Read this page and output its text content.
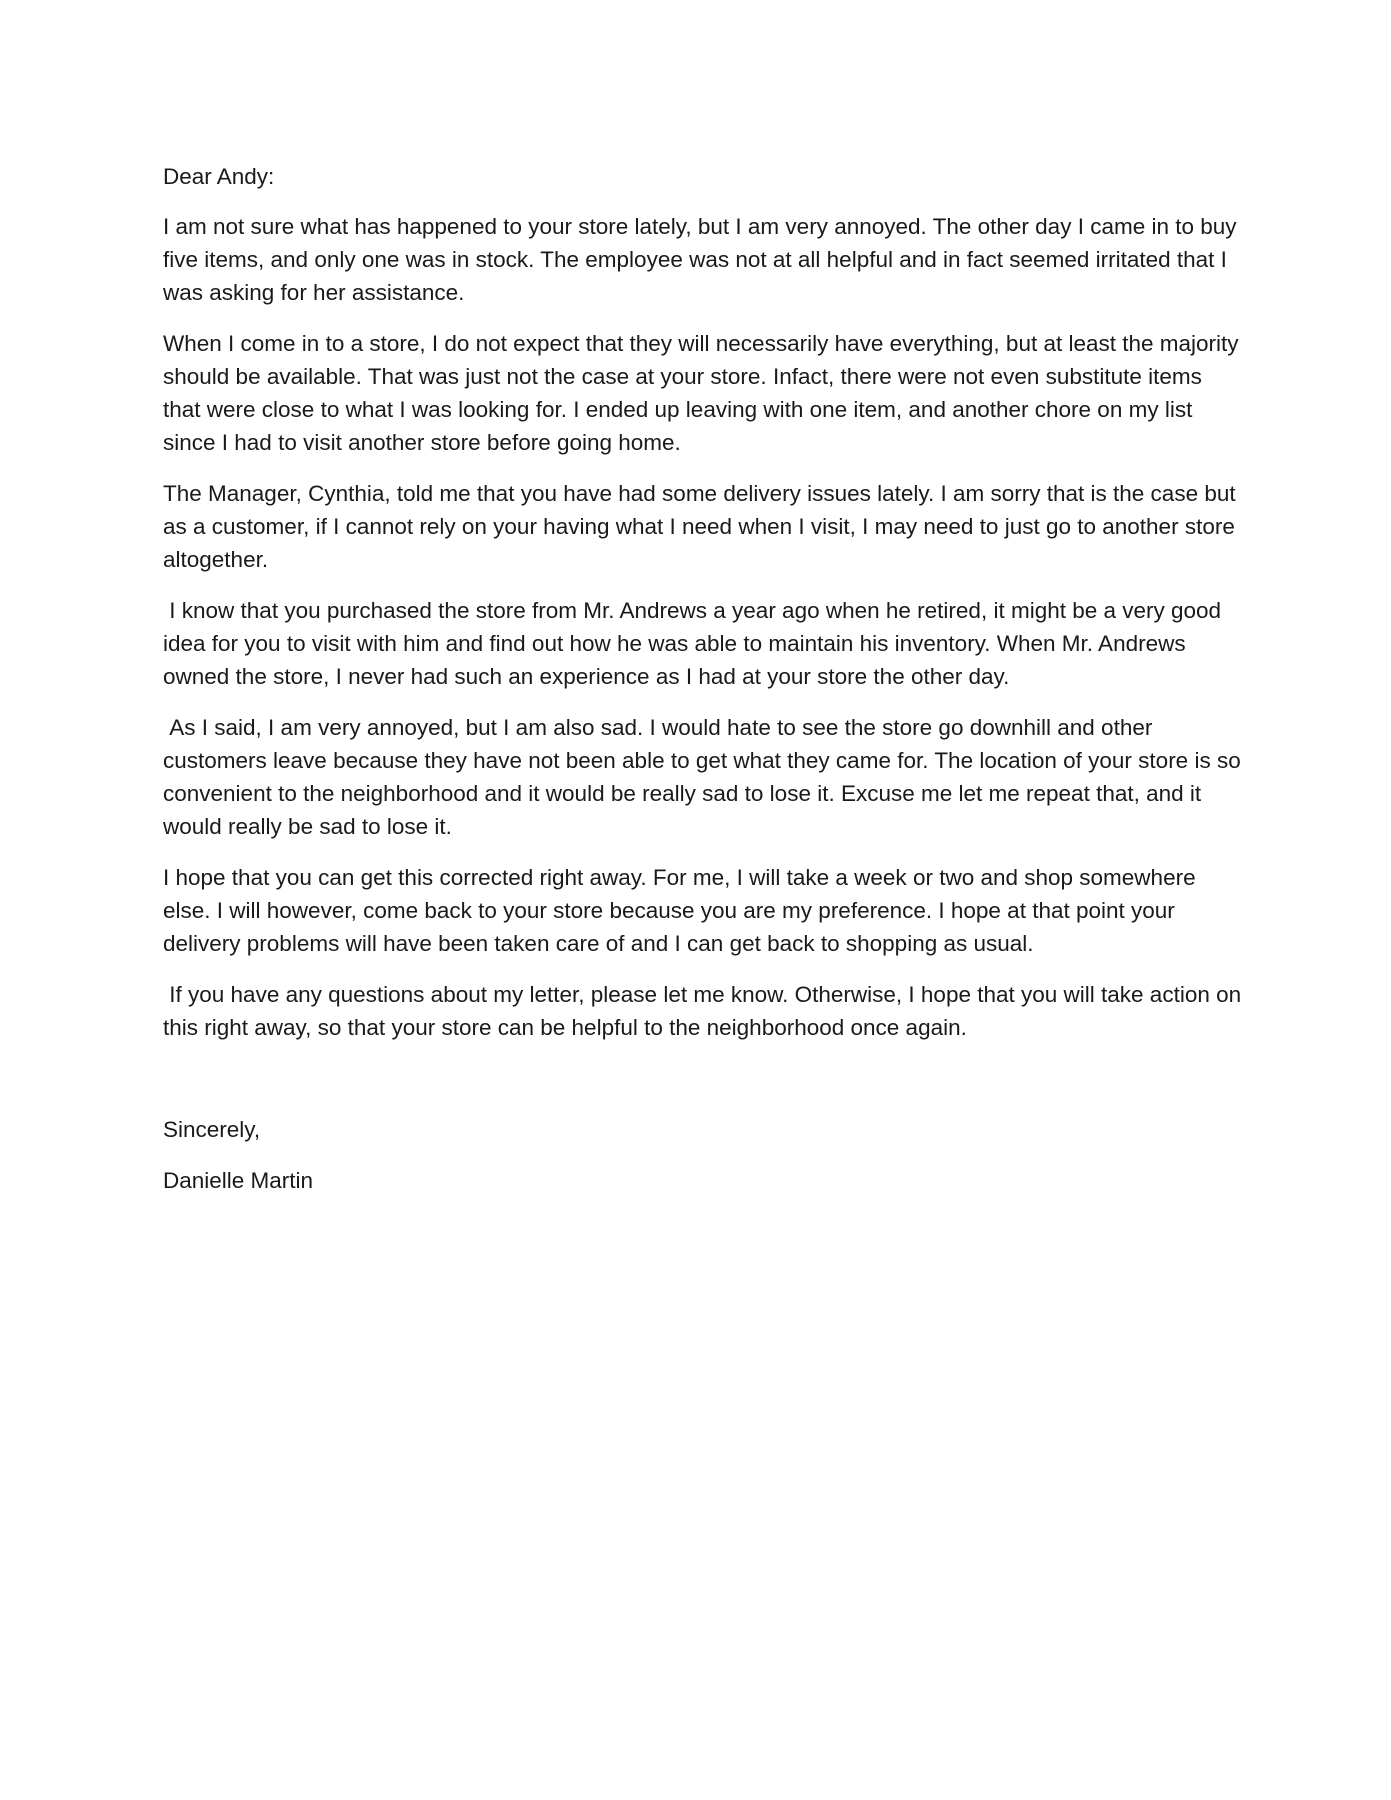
Dear Andy:

I am not sure what has happened to your store lately, but I am very annoyed. The other day I came in to buy five items, and only one was in stock. The employee was not at all helpful and in fact seemed irritated that I was asking for her assistance.

When I come in to a store, I do not expect that they will necessarily have everything, but at least the majority should be available. That was just not the case at your store. Infact, there were not even substitute items that were close to what I was looking for. I ended up leaving with one item, and another chore on my list since I had to visit another store before going home.

The Manager, Cynthia, told me that you have had some delivery issues lately. I am sorry that is the case but as a customer, if I cannot rely on your having what I need when I visit, I may need to just go to another store altogether.

I know that you purchased the store from Mr. Andrews a year ago when he retired, it might be a very good idea for you to visit with him and find out how he was able to maintain his inventory. When Mr. Andrews owned the store, I never had such an experience as I had at your store the other day.

As I said, I am very annoyed, but I am also sad. I would hate to see the store go downhill and other customers leave because they have not been able to get what they came for. The location of your store is so convenient to the neighborhood and it would be really sad to lose it. Excuse me let me repeat that, and it would really be sad to lose it.

I hope that you can get this corrected right away. For me, I will take a week or two and shop somewhere else. I will however, come back to your store because you are my preference. I hope at that point your delivery problems will have been taken care of and I can get back to shopping as usual.

If you have any questions about my letter, please let me know. Otherwise, I hope that you will take action on this right away, so that your store can be helpful to the neighborhood once again.

Sincerely,

Danielle Martin
